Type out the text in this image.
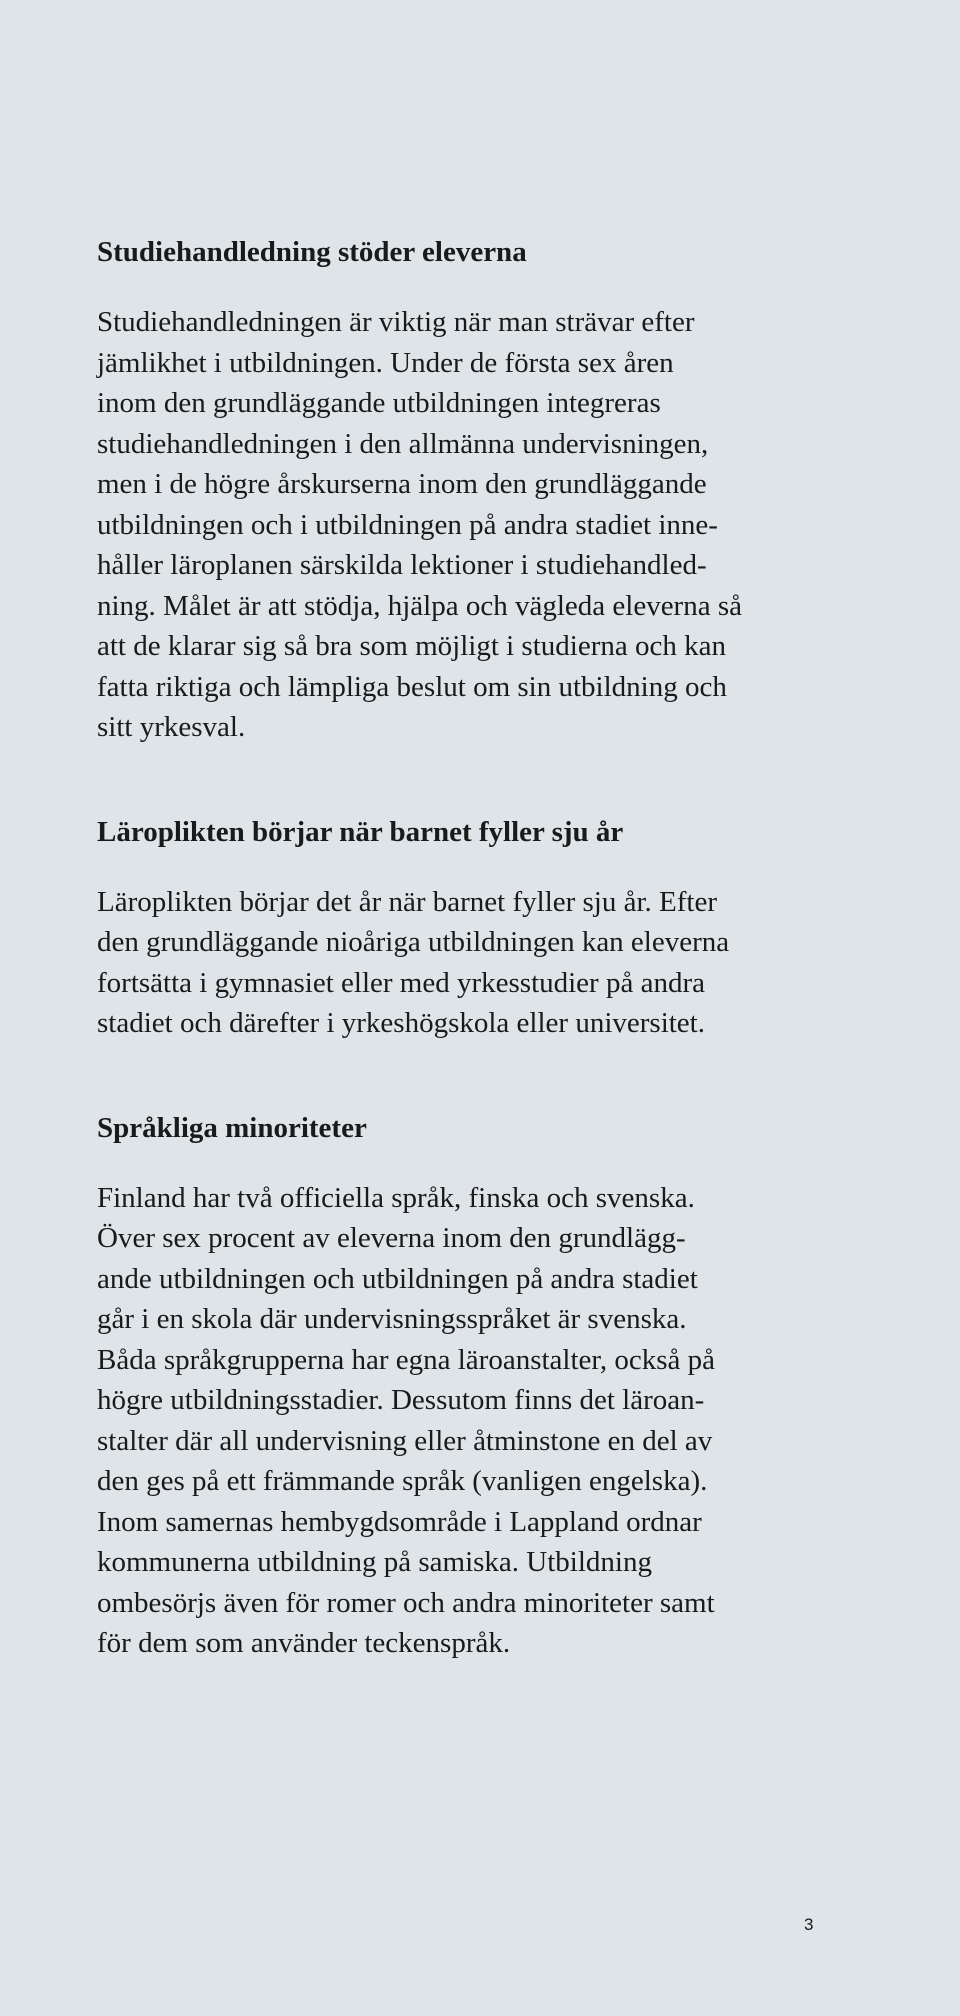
Studiehandledning stöder eleverna

Studiehandledningen är viktig när man strävar efter
jämlikhet i utbildningen. Under de första sex åren
inom den grundläggande utbildningen integreras
studiehandledningen i den allmänna undervisningen,
men i de högre årskurserna inom den grundläggande
utbildningen och i utbildningen på andra stadiet inne-
håller läroplanen särskilda lektioner i studiehandled-
ning. Målet är att stödja, hjälpa och vägleda eleverna så
att de klarar sig så bra som möjligt i studierna och kan
fatta riktiga och lämpliga beslut om sin utbildning och
sitt yrkesval.

Läroplikten börjar när barnet fyller sju år

Läroplikten börjar det år när barnet fyller sju år. Efter
den grundläggande nioåriga utbildningen kan eleverna
fortsätta i gymnasiet eller med yrkesstudier på andra
stadiet och därefter i yrkeshögskola eller universitet.

Språkliga minoriteter

Finland har två officiella språk, finska och svenska.
Över sex procent av eleverna inom den grundlägg-
ande utbildningen och utbildningen på andra stadiet
går i en skola där undervisningsspråket är svenska.
Båda språkgrupperna har egna läroanstalter, också på
högre utbildningsstadier. Dessutom finns det läroan-
stalter där all undervisning eller åtminstone en del av
den ges på ett främmande språk (vanligen engelska).
Inom samernas hembygdsområde i Lappland ordnar
kommunerna utbildning på samiska. Utbildning
ombesörjs även för romer och andra minoriteter samt
för dem som använder teckenspråk.

3
